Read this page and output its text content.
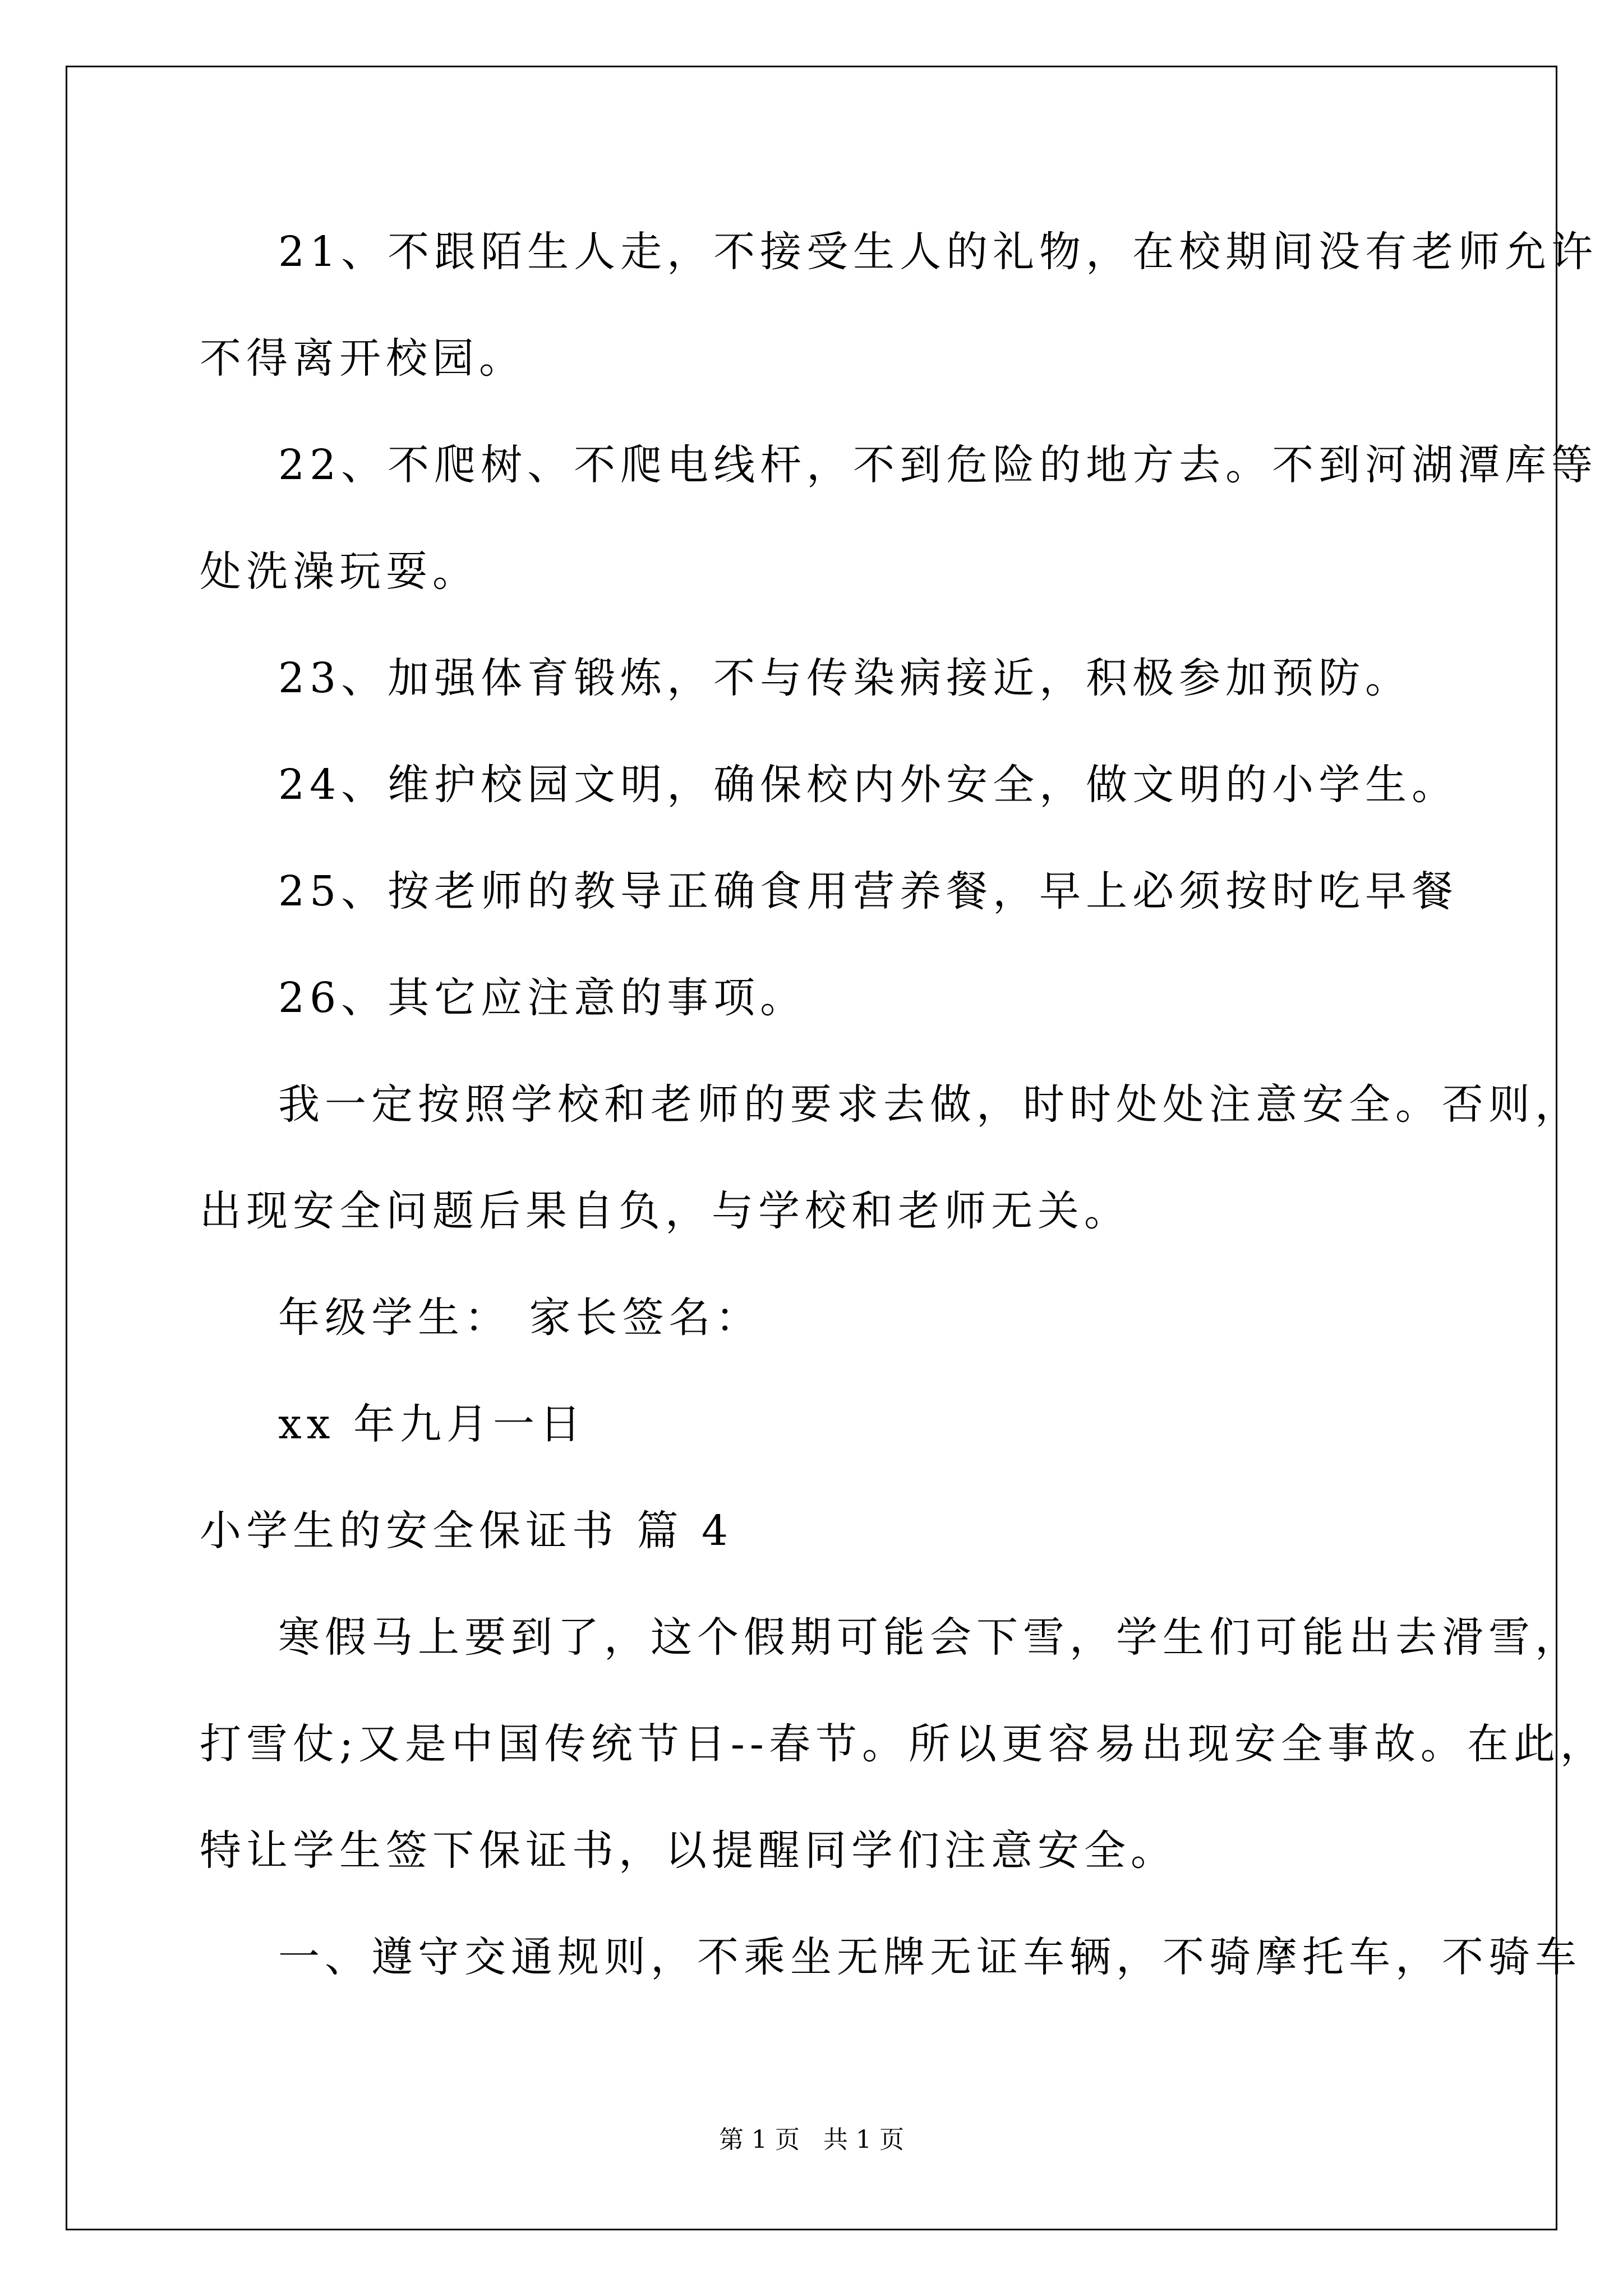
21、不跟陌生人走，不接受生人的礼物，在校期间没有老师允许
不得离开校园。
22、不爬树、不爬电线杆，不到危险的地方去。不到河湖潭库等
处洗澡玩耍。
23、加强体育锻炼，不与传染病接近，积极参加预防。
24、维护校园文明，确保校内外安全，做文明的小学生。
25、按老师的教导正确食用营养餐，早上必须按时吃早餐
26、其它应注意的事项。
我一定按照学校和老师的要求去做，时时处处注意安全。否则，
出现安全问题后果自负，与学校和老师无关。
年级学生： 家长签名：
xx 年九月一日
小学生的安全保证书 篇 4
寒假马上要到了，这个假期可能会下雪，学生们可能出去滑雪，
打雪仗;又是中国传统节日--春节。所以更容易出现安全事故。在此，
特让学生签下保证书，以提醒同学们注意安全。
一、遵守交通规则，不乘坐无牌无证车辆，不骑摩托车，不骑车
第 1 页   共 1 页
